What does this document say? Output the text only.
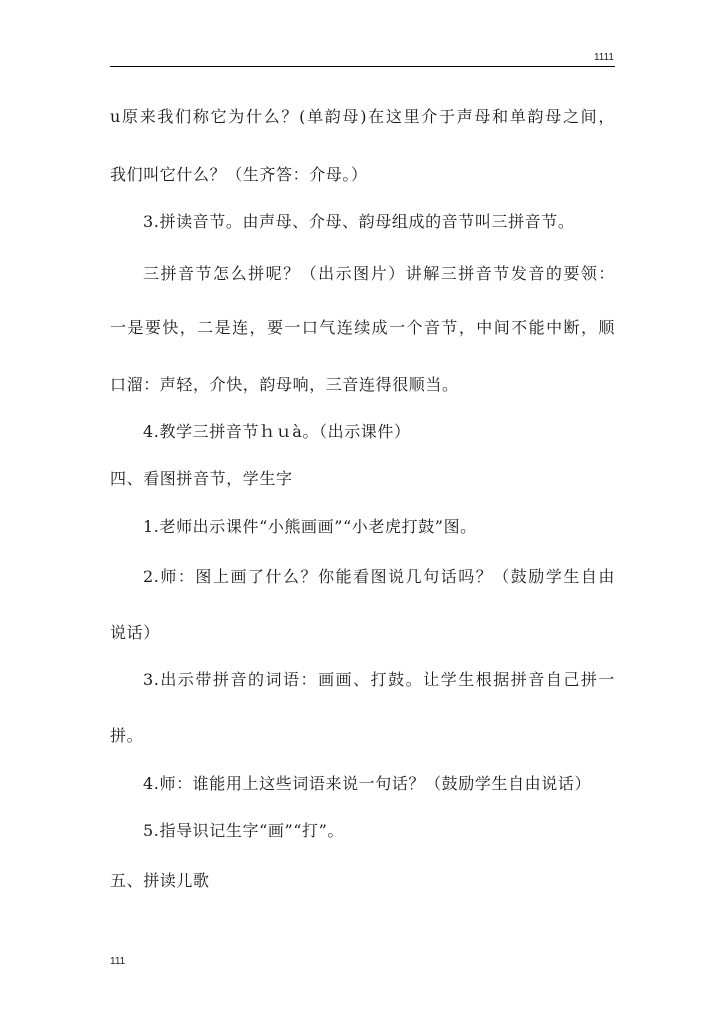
1111
u原来我们称它为什么？(单韵母)在这里介于声母和单韵母之间，
我们叫它什么？（生齐答：介母。）
3.拼读音节。由声母、介母、韵母组成的音节叫三拼音节。
三拼音节怎么拼呢？（出示图片）讲解三拼音节发音的要领：
一是要快，二是连，要一口气连续成一个音节，中间不能中断，顺
口溜：声轻，介快，韵母响，三音连得很顺当。
4.教学三拼音节ｈｕà。（出示课件）
四、看图拼音节，学生字
1.老师出示课件“小熊画画”“小老虎打鼓”图。
2.师：图上画了什么？你能看图说几句话吗？（鼓励学生自由
说话）
3.出示带拼音的词语：画画、打鼓。让学生根据拼音自己拼一
拼。
4.师：谁能用上这些词语来说一句话？（鼓励学生自由说话）
5.指导识记生字“画”“打”。
五、拼读儿歌
111
